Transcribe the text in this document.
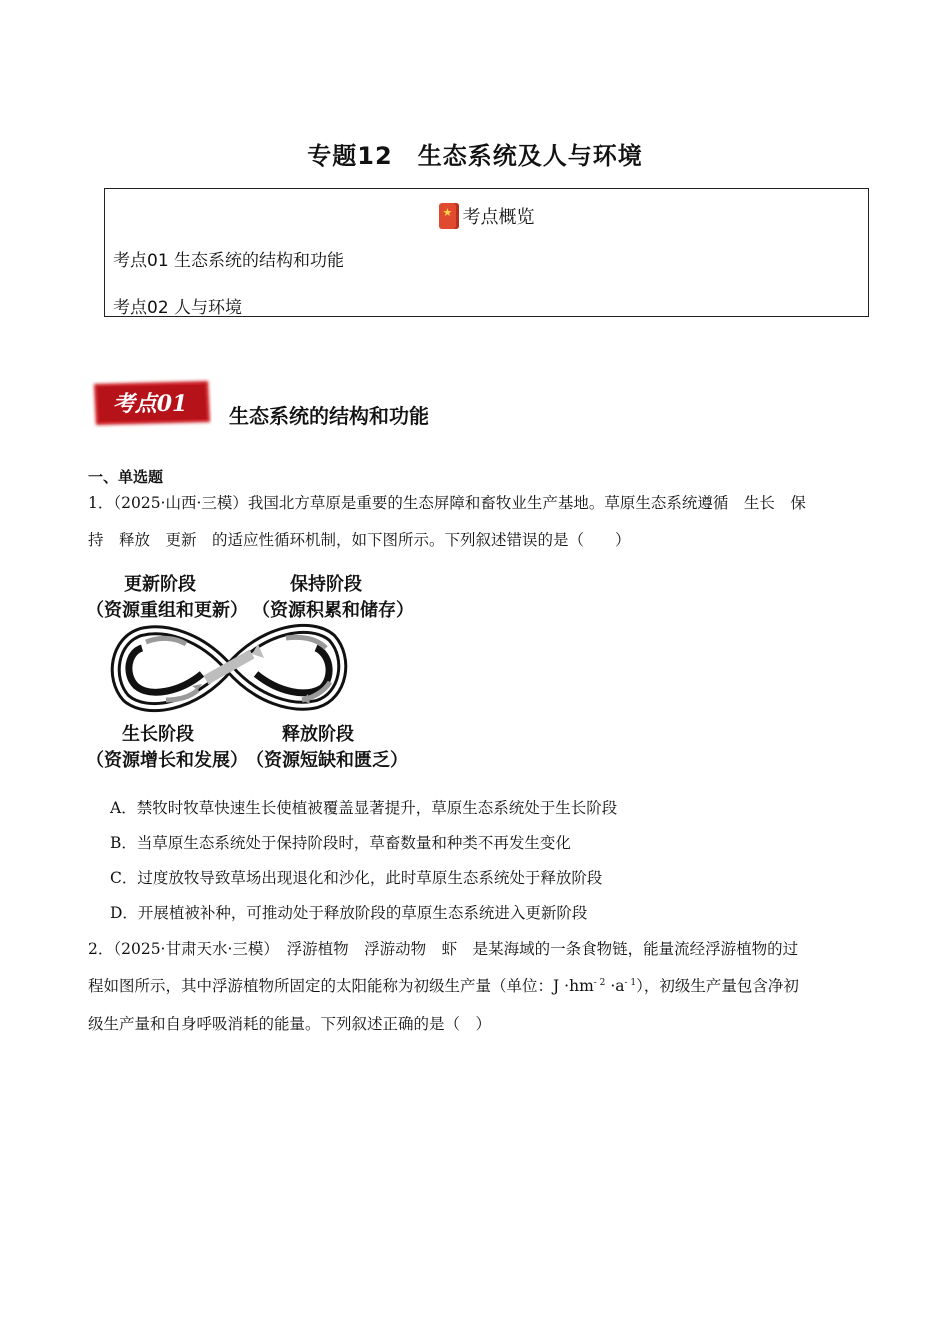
专题12　生态系统及人与环境
★考点概览
考点01 生态系统的结构和功能
考点02 人与环境
考点01 生态系统的结构和功能
一、单选题
1．（2025·山西·三模）我国北方草原是重要的生态屏障和畜牧业生产基地。草原生态系统遵循　生长　保
持　释放　更新　的适应性循环机制，如下图所示。下列叙述错误的是（　　）
更新阶段
（资源重组和更新）
保持阶段
（资源积累和储存）
生长阶段
（资源增长和发展）
释放阶段
（资源短缺和匮乏）
A．禁牧时牧草快速生长使植被覆盖显著提升，草原生态系统处于生长阶段
B．当草原生态系统处于保持阶段时，草畜数量和种类不再发生变化
C．过度放牧导致草场出现退化和沙化，此时草原生态系统处于释放阶段
D．开展植被补种，可推动处于释放阶段的草原生态系统进入更新阶段
2．（2025·甘肃天水·三模）　浮游植物　浮游动物　虾　是某海域的一条食物链，能量流经浮游植物的过
程如图所示，其中浮游植物所固定的太阳能称为初级生产量（单位：$J \cdot hm^{- 2} \cdot a^{- 1}$），初级生产量包含净初
级生产量和自身呼吸消耗的能量。下列叙述正确的是（　）
